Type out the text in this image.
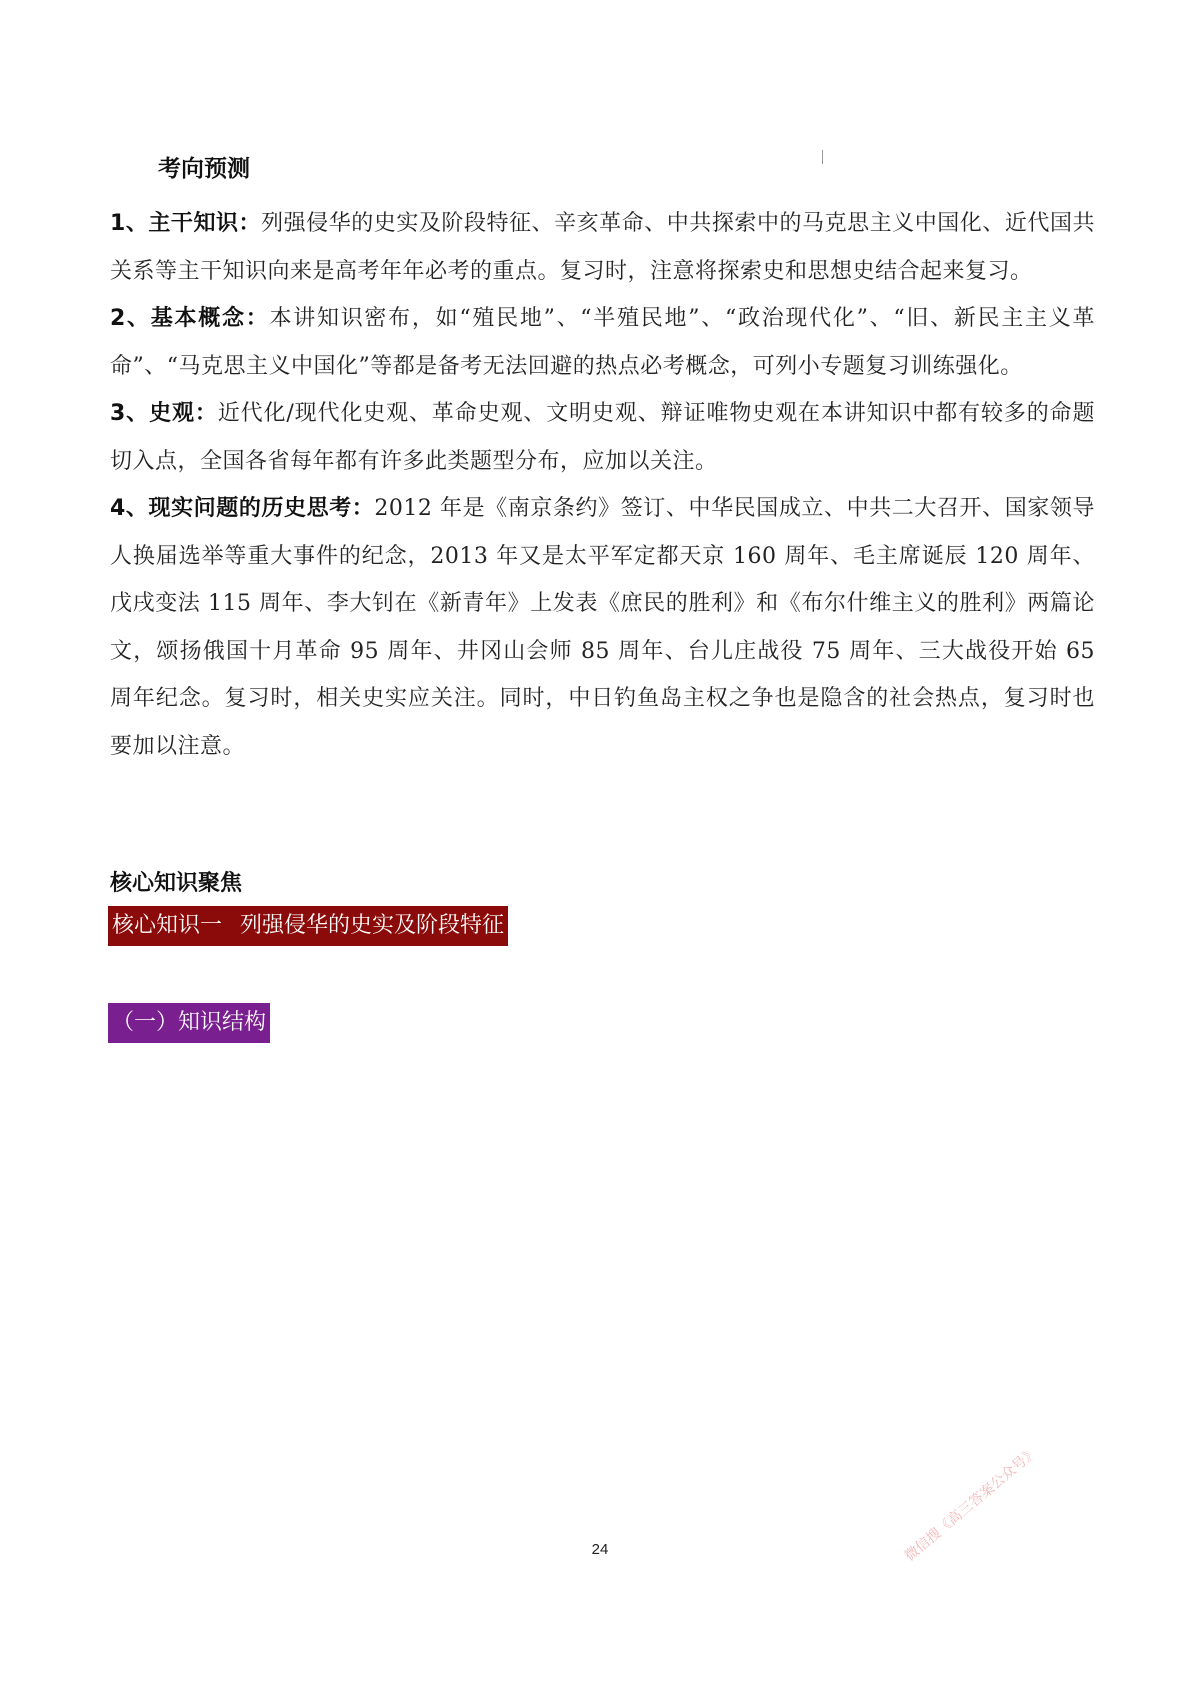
考向预测

1、主干知识：列强侵华的史实及阶段特征、辛亥革命、中共探索中的马克思主义中国化、近代国共关系等主干知识向来是高考年年必考的重点。复习时，注意将探索史和思想史结合起来复习。

2、基本概念：本讲知识密布，如“殖民地”、“半殖民地”、“政治现代化”、“旧、新民主主义革命”、“马克思主义中国化”等都是备考无法回避的热点必考概念，可列小专题复习训练强化。

3、史观：近代化/现代化史观、革命史观、文明史观、辩证唯物史观在本讲知识中都有较多的命题切入点，全国各省每年都有许多此类题型分布，应加以关注。

4、现实问题的历史思考：2012 年是《南京条约》签订、中华民国成立、中共二大召开、国家领导人换届选举等重大事件的纪念，2013 年又是太平军定都天京 160 周年、毛主席诞辰 120 周年、戊戌变法 115 周年、李大钊在《新青年》上发表《庶民的胜利》和《布尔什维主义的胜利》两篇论文，颂扬俄国十月革命 95 周年、井冈山会师 85 周年、台儿庄战役 75 周年、三大战役开始 65 周年纪念。复习时，相关史实应关注。同时，中日钓鱼岛主权之争也是隐含的社会热点，复习时也要加以注意。

核心知识聚焦
核心知识一 列强侵华的史实及阶段特征
（一）知识结构
24	微信搜《高三答案公众号》
